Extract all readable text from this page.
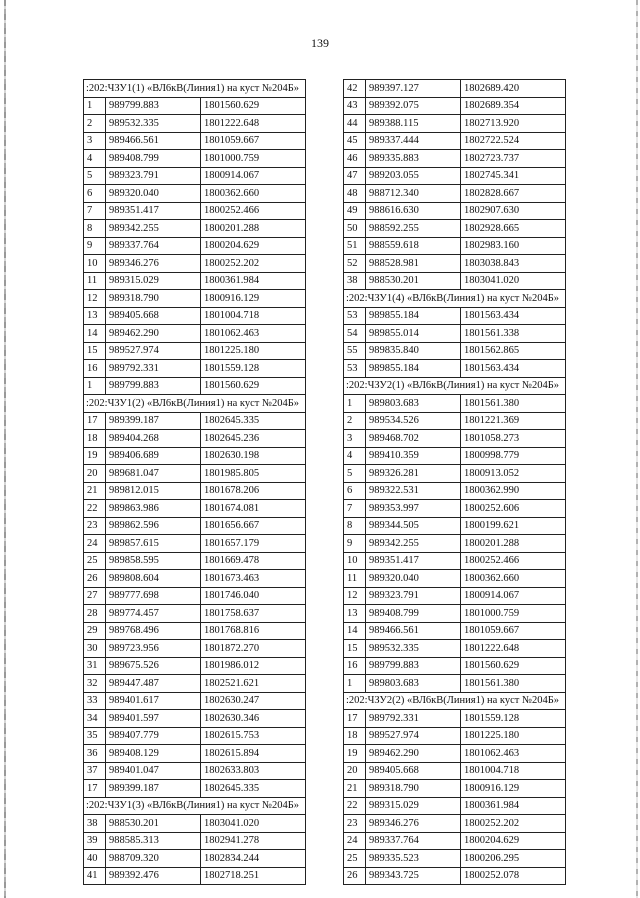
139
:202:ЧЗУ1(1) «ВЛ6кВ(Линия1) на куст №204Б»		
1	989799.883	1801560.629
2	989532.335	1801222.648
3	989466.561	1801059.667
4	989408.799	1801000.759
5	989323.791	1800914.067
6	989320.040	1800362.660
7	989351.417	1800252.466
8	989342.255	1800201.288
9	989337.764	1800204.629
10	989346.276	1800252.202
11	989315.029	1800361.984
12	989318.790	1800916.129
13	989405.668	1801004.718
14	989462.290	1801062.463
15	989527.974	1801225.180
16	989792.331	1801559.128
1	989799.883	1801560.629
:202:ЧЗУ1(2) «ВЛ6кВ(Линия1) на куст №204Б»		
17	989399.187	1802645.335
18	989404.268	1802645.236
19	989406.689	1802630.198
20	989681.047	1801985.805
21	989812.015	1801678.206
22	989863.986	1801674.081
23	989862.596	1801656.667
24	989857.615	1801657.179
25	989858.595	1801669.478
26	989808.604	1801673.463
27	989777.698	1801746.040
28	989774.457	1801758.637
29	989768.496	1801768.816
30	989723.956	1801872.270
31	989675.526	1801986.012
32	989447.487	1802521.621
33	989401.617	1802630.247
34	989401.597	1802630.346
35	989407.779	1802615.753
36	989408.129	1802615.894
37	989401.047	1802633.803
17	989399.187	1802645.335
:202:ЧЗУ1(3) «ВЛ6кВ(Линия1) на куст №204Б»		
38	988530.201	1803041.020
39	988585.313	1802941.278
40	988709.320	1802834.244
41	989392.476	1802718.251
42	989397.127	1802689.420
43	989392.075	1802689.354
44	989388.115	1802713.920
45	989337.444	1802722.524
46	989335.883	1802723.737
47	989203.055	1802745.341
48	988712.340	1802828.667
49	988616.630	1802907.630
50	988592.255	1802928.665
51	988559.618	1802983.160
52	988528.981	1803038.843
38	988530.201	1803041.020
:202:ЧЗУ1(4) «ВЛ6кВ(Линия1) на куст №204Б»		
53	989855.184	1801563.434
54	989855.014	1801561.338
55	989835.840	1801562.865
53	989855.184	1801563.434
:202:ЧЗУ2(1) «ВЛ6кВ(Линия1) на куст №204Б»		
1	989803.683	1801561.380
2	989534.526	1801221.369
3	989468.702	1801058.273
4	989410.359	1800998.779
5	989326.281	1800913.052
6	989322.531	1800362.990
7	989353.997	1800252.606
8	989344.505	1800199.621
9	989342.255	1800201.288
10	989351.417	1800252.466
11	989320.040	1800362.660
12	989323.791	1800914.067
13	989408.799	1801000.759
14	989466.561	1801059.667
15	989532.335	1801222.648
16	989799.883	1801560.629
1	989803.683	1801561.380
:202:ЧЗУ2(2) «ВЛ6кВ(Линия1) на куст №204Б»		
17	989792.331	1801559.128
18	989527.974	1801225.180
19	989462.290	1801062.463
20	989405.668	1801004.718
21	989318.790	1800916.129
22	989315.029	1800361.984
23	989346.276	1800252.202
24	989337.764	1800204.629
25	989335.523	1800206.295
26	989343.725	1800252.078
